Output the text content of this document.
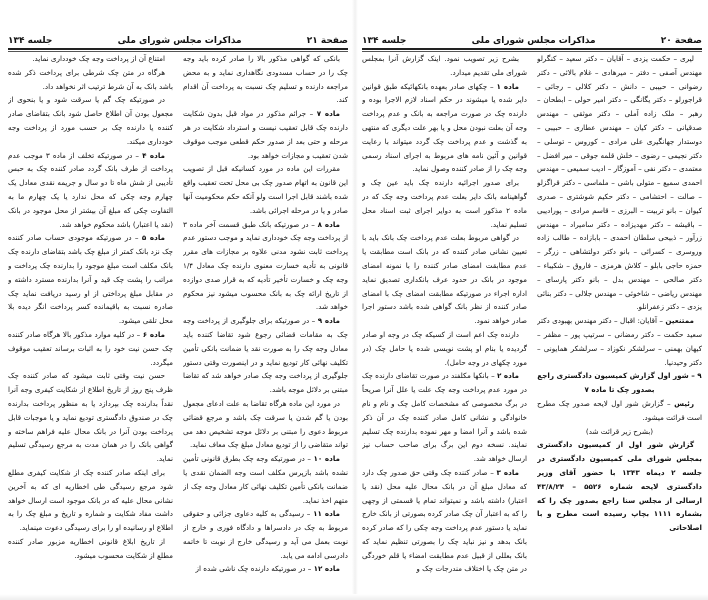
صفحة ۲۱
مذاکرات مجلس شورای ملی
جلسه ۱۳۴

بانکی که گواهی مذکور بالا را صادر کرده باید وجه چک را در حساب مسدودی نگاهداری نماید و به محض مراجعه دارنده و تسلیم چک نسبت به پرداخت آن اقدام کند.

ماده ۷ – جرائم مذکور در مواد قبل بدون شکایت دارنده چک قابل تعقیب نیست و استرداد شکایت در هر مرحله و حتی بعد از صدور حکم قطعی موجب موقوف شدن تعقیب و مجازات خواهد بود.

مقررات این ماده در مورد کسانیکه قبل از تصویب این قانون به اتهام صدور چک بی محل تحت تعقیب واقع شده باشند قابل اجرا است ولو آنکه حکم محکومیت آنها صادر و یا در مرحله اجرائی باشد.

ماده ۸ – در صورتیکه بانک طبق قسمت آخر ماده ۳ از پرداخت وجه چک خودداری نماید و موجب دستور عدم پرداخت ثابت نشود مدنی علاوه بر مجازات های مقرر قانونی به تأدیه خسارت معنوی دارنده چک معادل ۱/۴ وجه چک و خسارت تأخیر تأدیه که به قرار صدی دوازده از تاریخ ارائه چک به بانک محسوب میشود نیز محکوم خواهد شد.

ماده ۹ – در صورتیکه برای جلوگیری از پرداخت وجه چک به مقامات قضائی رجوع شود تقاضا کننده باید معادل وجه چک را به صورت نقد یا ضمانت بانکی تأمین تکلیف نهائی کار تودیع نماید و در اینصورت وقتی دستور جلوگیری از پرداخت وجه چک صادر خواهد شد که تقاضا مبتنی بر دلائل موجه باشد.

در مورد این ماده هرگاه تقاضا به علت ادعای مجعول بودن یا گم شدن یا سرقت چک باشد و مرجع قضائی مربوط دعوی را مبتنی بر دلائل موجه تشخیص دهد می تواند متقاضی را از تودیع معادل مبلغ چک معاف نماید.

ماده ۱۰ – در صورتیکه وجه چک بطرق قانونی تأمین نشده باشد بازپرس مکلف است وجه الضمان نقدی یا ضمانت بانکی تأمین تکلیف نهائی کار معادل وجه چک از متهم اخذ نماید.

ماده ۱۱ – رسیدگی به کلیه دعاوی جزائی و حقوقی مربوط به چک در دادسراها و دادگاه فوری و خارج از نوبت بعمل می آید و رسیدگی خارج از نوبت تا خاتمه دادرسی ادامه می یابد.

ماده ۱۲ – در صورتیکه دارنده چک ناشی شده از

امتناع آن از پرداخت وجه چک خودداری نماید.

هرگاه در متن چک شرطی برای پرداخت ذکر شده باشد بانک به آن شرط ترتیب اثر نخواهد داد.

در صورتیکه چک گم یا سرقت شود و یا بنحوی از مجعول بودن آن اطلاع حاصل شود بانک بتقاضای صادر کننده یا دارنده چک بر حسب مورد از پرداخت وجه خودداری میکند.

ماده ۴ – در صورتیکه تخلف از ماده ۳ موجب عدم پرداخت از طرف بانک گردد صادر کننده چک به حبس تأدیبی از شش ماه تا دو سال و جریمه نقدی معادل یک چهارم وجه چکی که محل ندارد یا یک چهارم ما به التفاوت چکی که مبلغ آن بیشتر از محل موجود در بانک (نقد یا اعتبار) باشد محکوم خواهد شد.

ماده ۵ – در صورتیکه موجودی حساب صادر کننده چک نزد بانک کمتر از مبلغ چک باشد بتقاضای دارنده چک بانک مکلف است مبلغ موجود را بدارنده چک پرداخت و مراتب را پشت چک قید و آنرا بدارنده مسترد داشته و در مقابل مبلغ پرداختی از او رسید دریافت نماید چک صادره نسبت به باقیمانده کسر پرداخت انگر دیده بلا محل تلقی میشود.

ماده ۶ – در کلیه موارد مذکور بالا هرگاه صادر کننده چک حسن نیت خود را به اثبات برساند تعقیب موقوف میگردد.

حسن نیت وقتی ثابت میشود که صادر کننده چک ظرف پنج روز از تاریخ اطلاع از شکایت کیفری وجه آنرا نقداً بدارنده چک بپردازد یا به منظور پرداخت بدارنده چک در صندوق دادگستری تودیع نماید و یا موجبات قابل پرداخت بودن آنرا در بانک محال علیه فراهم ساخته و گواهی بانک را در همان مدت به مرجع رسیدگی تسلیم نماید.

برای اینکه صادر کننده چک از شکایت کیفری مطلع شود مرجع رسیدگی طی اخطاریه ای که به آخرین نشانی محال علیه که در بانک موجود است ارسال خواهد داشت مفاد شکایت و شماره و تاریخ و مبلغ چک را به اطلاع او رسانیده او را برای رسیدگی دعوت مینماید.

از تاریخ ابلاغ قانونی اخطاریه مزبور صادر کننده مطلع از شکایت محسوب میشود.

صفحة ۲۰
مذاکرات مجلس شورای ملی
جلسه ۱۳۴

لیری – حکمت یزدی – آقایان – دکتر سعید – کنگرلو مهندس آصفی – دفتر – میرهادی – غلام بالائی – دکتر رضوانی – حبیبی – دانش – دکتر کلالی – رجائی – قراجورلو – دکتر یگانگی – دکتر امیر حولی – ابطحان – رهبر – ملک زاده آملی – دکتر موثقی – مهندس صدقیانی – دکتر کیان – مهندس عطاری – حبیبی – دوستدار جهانگیری علی مرادی – کوروس – توسلی – دکتر نجیمی – رضوی – خلش قلمه جوقی – میر افضل – معتمدی – دکتر نفی – آموزگار – ادیب سمیعی – مهندس احمدی سمیع – متولی باشی – ملماسی – دکتر قراگزلو – صالت – احتشامی – دکتر حکیم شوشتری – صدری کیوان – بانو تربیت – البرزی – قاسم مرادی – پورادیبی – باقیشه – دکتر مهدیزاده – دکتر سامیراد – مهندس زرآور – ذبیحی سلطان احمدی – بابازاده – طالب زاده وروسری – کسرائی – بانو دکتر دولتشاهی – زرگر – حمزه حاجی بابلو – کلاش هرمزی – فاروق – شکیباء – دکتر صالحی – مهندس بدل – بانو دکتر پارسای – مهندس ریاضی – شاخوئی – مهندس جلالی – دکتر بنائی یزدی – دکتر زعفرانلو.

ممتنعین – آقایان: اقبال – دکتر مهندس بهبودی دکتر سعید حکمت – دکتر رمضانی – سرتیپ پور – مظفر – کیهان بهمنی – سرلشکر نکوزاد – سرلشکر همایونی – دکتر وحیدنیا.

۹ – شور اول گزارش کمیسیون دادگستری راجع بصدور چک تا ماده ۷

رئیس – گزارش شور اول لایحه صدور چک مطرح است قرائت میشود.

(بشرح زیر قرائت شد)

گزارش شور اول از کمیسیون دادگستری بمجلس شورای ملی کمیسیون دادگستری در جلسه ۲ دیماه ۱۳۴۳ با حضور آقای وزیر دادگستری لایحه شماره ۵۵۲۶ – ۴۳/۸/۲۴ ارسالی از مجلس سنا راجع بصدور چک را که بشماره ۱۱۱۱ بچاپ رسیده است مطرح و با اصلاحاتی

بشرح زیر تصویب نمود. اینک گزارش آنرا بمجلس شورای ملی تقدیم میدارد.

ماده ۱ – چکهای صادر بعهده بانکهائیکه طبق قوانین دایر شده یا میشوند در حکم اسناد لازم الاجرا بوده و دارنده چک در صورت مراجعه به بانک و عدم پرداخت وجه آن بعلت نبودن محل و یا بهر علت دیگری که منتهی به گذشت و عدم پرداخت چک گردد میتواند با رعایت قوانین و آئین نامه های مربوط به اجرای اسناد رسمی وجه چک را از صادر کننده وصول نماید.

برای صدور اجرائیه دارنده چک باید عین چک و گواهینامه بانک دایر بعلت عدم پرداخت وجه چک که در ماده ۲ مذکور است به دوایر اجرای ثبت اسناد محل تسلیم نماید.

در گواهی مربوط بعلت عدم پرداخت چک بانک باید با تعیین نشانی صادر کننده که در بانک است مطابقت یا عدم مطابقت امضای صادر کننده را با نمونه امضای موجود در بانک در حدود عرف بانکداری تصدیق نماید اداره اجراء در صورتیکه مطابقت امضای چک با امضای صادر کننده از نظر بانک گواهی شده باشد دستور اجرا صادر خواهد نمود.

دارنده چک اعم است از کسیکه چک در وجه او صادر گردیده یا بنام او پشت نویسی شده یا حامل چک (در مورد چکهای در وجه حامل).

ماده ۲ – بانکها مکلفند در صورت تقاضای دارنده چک در مورد عدم پرداخت وجه چک علت یا علل آنرا صریحاً در برگ مخصوصی که مشخصات کامل چک و نام و نام خانوادگی و نشانی کامل صادر کننده چک در آن ذکر شده باشد و آنرا امضا و مهر نموده بدارنده چک تسلیم نمایند. نسخه دوم این برگ برای صاحب حساب نیز ارسال خواهد شد.

ماده ۳ – صادر کننده چک وقتی حق صدور چک دارد که معادل مبلغ آن در بانک محال علیه محل (نقد یا اعتبار) داشته باشد و نمیتواند تمام یا قسمتی از وجهی را که به اعتبار آن چک صادر کرده بصورتی از بانک خارج نماید یا دستور عدم پرداخت وجه چکی را که صادر کرده بانک بدهد و نیز نباید چک را بصورتی تنظیم نماید که بانک بعللی از قبیل عدم مطابقت امضاء یا قلم خوردگی در متن چک یا اختلاف مندرجات چک و
